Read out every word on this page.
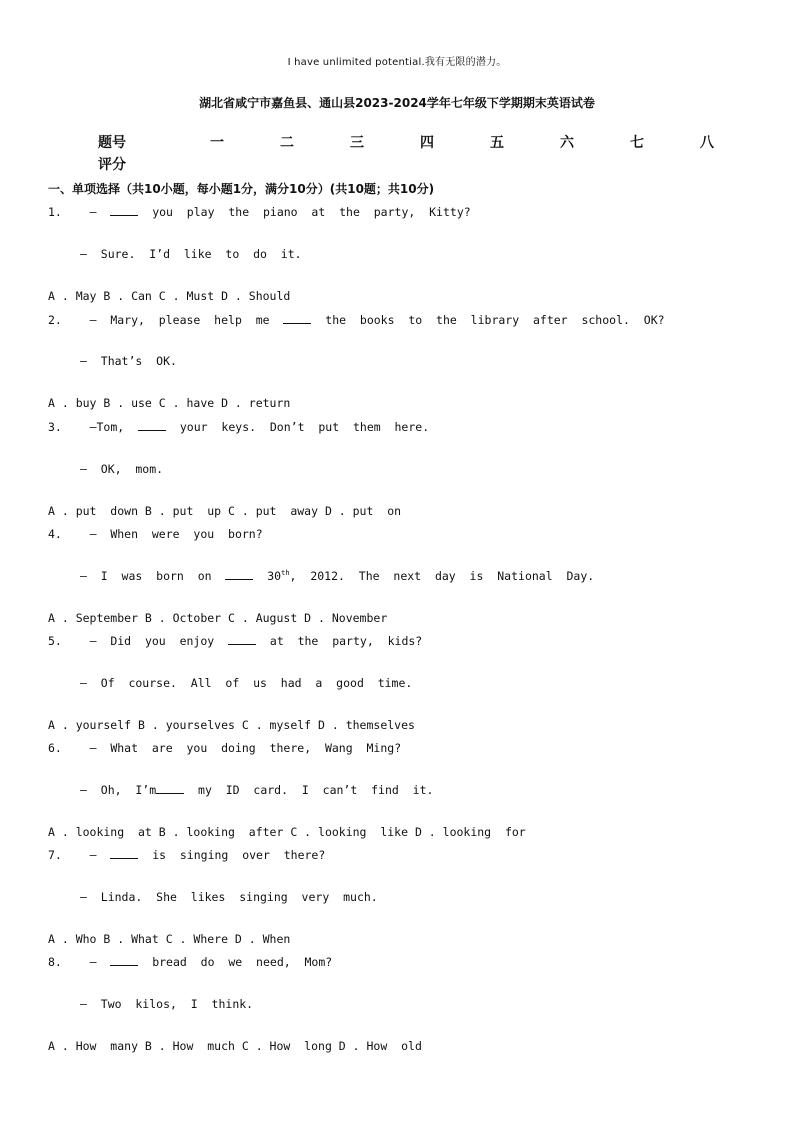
I have unlimited potential.我有无限的潜力。
湖北省咸宁市嘉鱼县、通山县2023-2024学年七年级下学期期末英语试卷
题号	一	二	三	四	五	六	七	八
评分
一、单项选择（共10小题，每小题1分，满分10分）(共10题；共10分)
1. —    you  play  the  piano  at  the  party,  Kitty?
—  Sure.  I’d  like  to  do  it.
A . May B . Can C . Must D . Should
2. —  Mary,  please  help  me    the  books  to  the  library  after  school.  OK?
—  That’s  OK.
A . buy B . use C . have D . return
3. —Tom,    your  keys.  Don’t  put  them  here.
—  OK,  mom.
A . put  down B . put  up C . put  away D . put  on
4. —  When  were  you  born?
—  I  was  born  on    30th,  2012.  The  next  day  is  National  Day.
A . September B . October C . August D . November
5. —  Did  you  enjoy    at  the  party,  kids?
—  Of  course.  All  of  us  had  a  good  time.
A . yourself B . yourselves C . myself D . themselves
6. —  What  are  you  doing  there,  Wang  Ming?
—  Oh,  I’m  my  ID  card.  I  can’t  find  it.
A . looking  at B . looking  after C . looking  like D . looking  for
7. —    is  singing  over  there?
—  Linda.  She  likes  singing  very  much.
A . Who B . What C . Where D . When
8. —    bread  do  we  need,  Mom?
—  Two  kilos,  I  think.
A . How  many B . How  much C . How  long D . How  old
